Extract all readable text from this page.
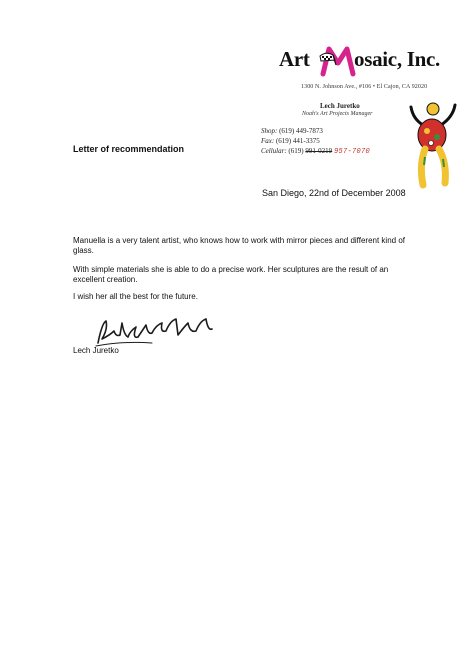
Art osaic, Inc.
1300 N. Johnson Ave., #106 • El Cajon, CA 92020
Lech Juretko
Noah's Art Projects Manager
Shop: (619) 449-7873
Fax: (619) 441-3375
Cellular: (619) 991-0219 957-7070
Letter of recommendation
San Diego, 22nd of December 2008
Manuella is a very talent artist, who knows how to work with mirror pieces and different kind of glass.
With simple materials she is able to do a precise work. Her sculptures are the result of an excellent creation.
I wish her all the best for the future.
Lech Juretko
